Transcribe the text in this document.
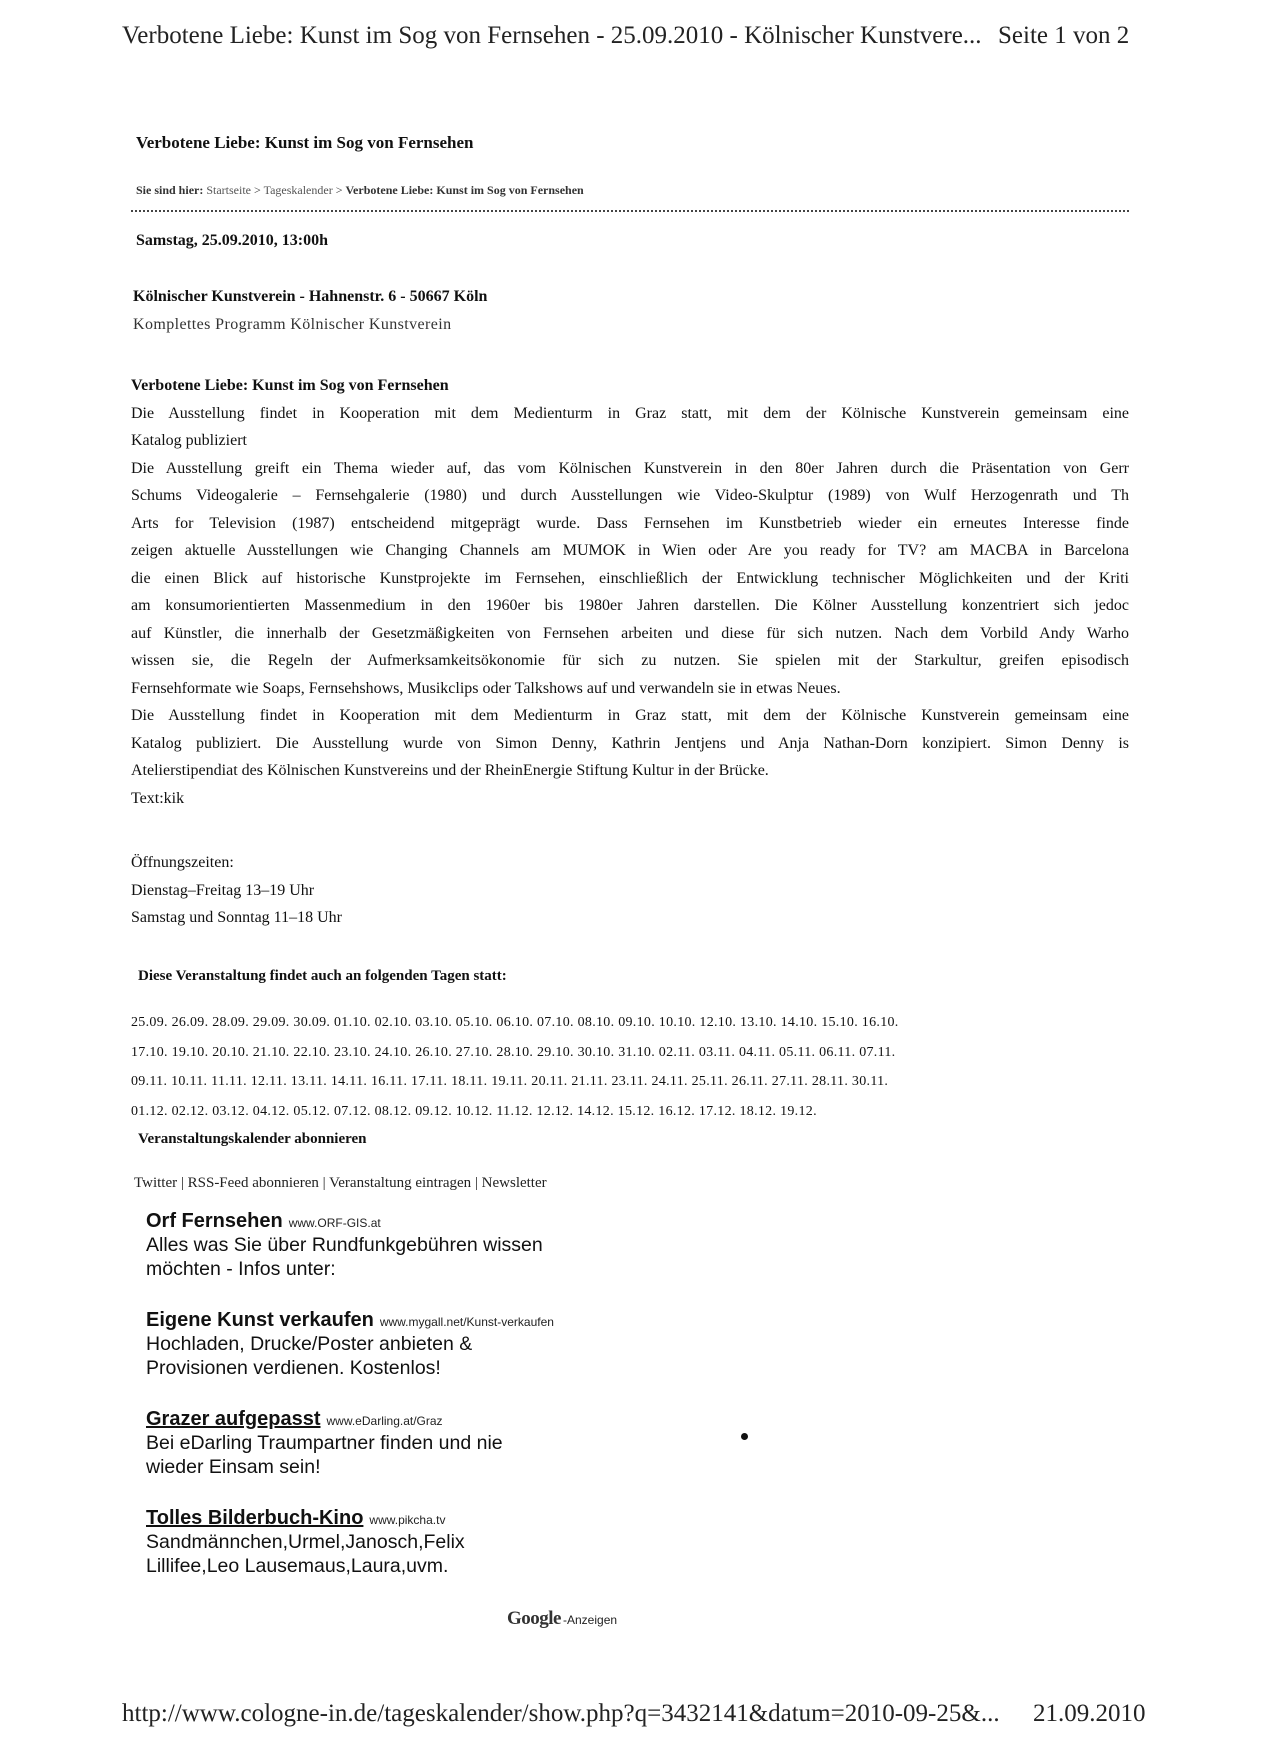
Verbotene Liebe: Kunst im Sog von Fernsehen - 25.09.2010 - Kölnischer Kunstvere... Seite 1 von 2
Verbotene Liebe: Kunst im Sog von Fernsehen
Sie sind hier: Startseite > Tageskalender > Verbotene Liebe: Kunst im Sog von Fernsehen
Samstag, 25.09.2010, 13:00h
Kölnischer Kunstverein - Hahnenstr. 6 - 50667 Köln
Komplettes Programm Kölnischer Kunstverein
Verbotene Liebe: Kunst im Sog von Fernsehen
Die Ausstellung findet in Kooperation mit dem Medienturm in Graz statt, mit dem der Kölnische Kunstverein gemeinsam eine
Katalog publiziert
Die Ausstellung greift ein Thema wieder auf, das vom Kölnischen Kunstverein in den 80er Jahren durch die Präsentation von Gerr
Schums Videogalerie – Fernsehgalerie (1980) und durch Ausstellungen wie Video-Skulptur (1989) von Wulf Herzogenrath und Th
Arts for Television (1987) entscheidend mitgeprägt wurde. Dass Fernsehen im Kunstbetrieb wieder ein erneutes Interesse finde
zeigen aktuelle Ausstellungen wie Changing Channels am MUMOK in Wien oder Are you ready for TV? am MACBA in Barcelona
die einen Blick auf historische Kunstprojekte im Fernsehen, einschließlich der Entwicklung technischer Möglichkeiten und der Kriti
am konsumorientierten Massenmedium in den 1960er bis 1980er Jahren darstellen. Die Kölner Ausstellung konzentriert sich jedoc
auf Künstler, die innerhalb der Gesetzmäßigkeiten von Fernsehen arbeiten und diese für sich nutzen. Nach dem Vorbild Andy Warho
wissen sie, die Regeln der Aufmerksamkeitsökonomie für sich zu nutzen. Sie spielen mit der Starkultur, greifen episodisch
Fernsehformate wie Soaps, Fernsehshows, Musikclips oder Talkshows auf und verwandeln sie in etwas Neues.
Die Ausstellung findet in Kooperation mit dem Medienturm in Graz statt, mit dem der Kölnische Kunstverein gemeinsam eine
Katalog publiziert. Die Ausstellung wurde von Simon Denny, Kathrin Jentjens und Anja Nathan-Dorn konzipiert. Simon Denny is
Atelierstipendiat des Kölnischen Kunstvereins und der RheinEnergie Stiftung Kultur in der Brücke.
Text:kik
Öffnungszeiten:
Dienstag–Freitag 13–19 Uhr
Samstag und Sonntag 11–18 Uhr
Diese Veranstaltung findet auch an folgenden Tagen statt:
25.09. 26.09. 28.09. 29.09. 30.09. 01.10. 02.10. 03.10. 05.10. 06.10. 07.10. 08.10. 09.10. 10.10. 12.10. 13.10. 14.10. 15.10. 16.10.
17.10. 19.10. 20.10. 21.10. 22.10. 23.10. 24.10. 26.10. 27.10. 28.10. 29.10. 30.10. 31.10. 02.11. 03.11. 04.11. 05.11. 06.11. 07.11.
09.11. 10.11. 11.11. 12.11. 13.11. 14.11. 16.11. 17.11. 18.11. 19.11. 20.11. 21.11. 23.11. 24.11. 25.11. 26.11. 27.11. 28.11. 30.11.
01.12. 02.12. 03.12. 04.12. 05.12. 07.12. 08.12. 09.12. 10.12. 11.12. 12.12. 14.12. 15.12. 16.12. 17.12. 18.12. 19.12.
Veranstaltungskalender abonnieren
Twitter | RSS-Feed abonnieren | Veranstaltung eintragen | Newsletter
Orf Fernsehen www.ORF-GIS.at
Alles was Sie über Rundfunkgebühren wissen
möchten - Infos unter:
Eigene Kunst verkaufen www.mygall.net/Kunst-verkaufen
Hochladen, Drucke/Poster anbieten &
Provisionen verdienen. Kostenlos!
Grazer aufgepasst www.eDarling.at/Graz
Bei eDarling Traumpartner finden und nie
wieder Einsam sein!
Tolles Bilderbuch-Kino www.pikcha.tv
Sandmännchen,Urmel,Janosch,Felix
Lillifee,Leo Lausemaus,Laura,uvm.
Google -Anzeigen
http://www.cologne-in.de/tageskalender/show.php?q=3432141&datum=2010-09-25&... 21.09.2010
